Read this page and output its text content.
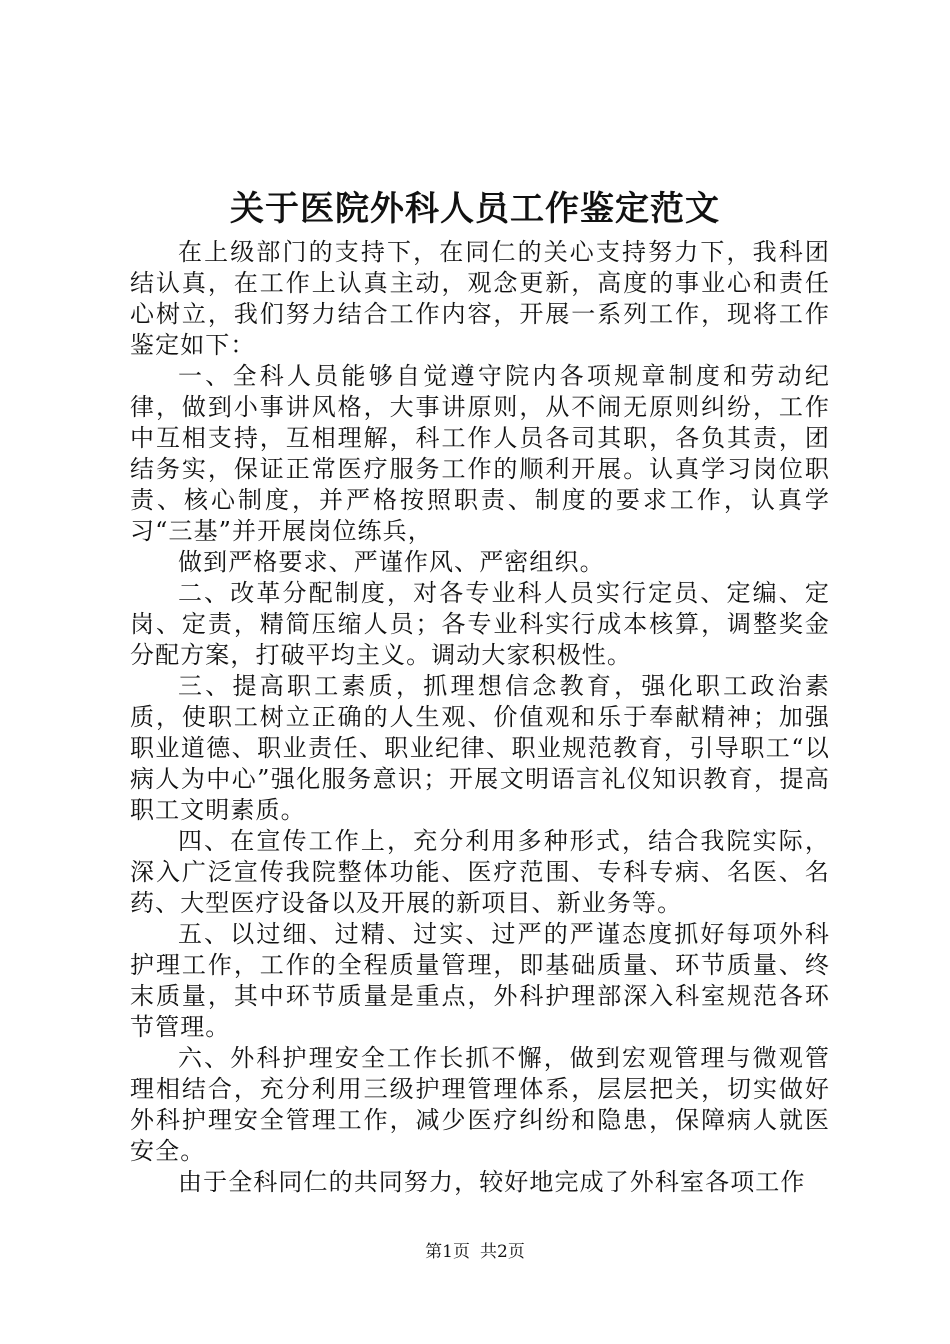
关于医院外科人员工作鉴定范文

在上级部门的支持下，在同仁的关心支持努力下，我科团结认真，在工作上认真主动，观念更新，高度的事业心和责任心树立，我们努力结合工作内容，开展一系列工作，现将工作鉴定如下：

一、全科人员能够自觉遵守院内各项规章制度和劳动纪律，做到小事讲风格，大事讲原则，从不闹无原则纠纷，工作中互相支持，互相理解，科工作人员各司其职，各负其责，团结务实，保证正常医疗服务工作的顺利开展。认真学习岗位职责、核心制度，并严格按照职责、制度的要求工作，认真学习“三基”并开展岗位练兵，

做到严格要求、严谨作风、严密组织。

二、改革分配制度，对各专业科人员实行定员、定编、定岗、定责，精简压缩人员；各专业科实行成本核算，调整奖金分配方案，打破平均主义。调动大家积极性。

三、提高职工素质，抓理想信念教育，强化职工政治素质，使职工树立正确的人生观、价值观和乐于奉献精神；加强职业道德、职业责任、职业纪律、职业规范教育，引导职工“以病人为中心”强化服务意识；开展文明语言礼仪知识教育，提高职工文明素质。

四、在宣传工作上，充分利用多种形式，结合我院实际，深入广泛宣传我院整体功能、医疗范围、专科专病、名医、名药、大型医疗设备以及开展的新项目、新业务等。

五、以过细、过精、过实、过严的严谨态度抓好每项外科护理工作，工作的全程质量管理，即基础质量、环节质量、终末质量，其中环节质量是重点，外科护理部深入科室规范各环节管理。

六、外科护理安全工作长抓不懈，做到宏观管理与微观管理相结合，充分利用三级护理管理体系，层层把关，切实做好外科护理安全管理工作，减少医疗纠纷和隐患，保障病人就医安全。

由于全科同仁的共同努力，较好地完成了外科室各项工作

第1页 共2页
